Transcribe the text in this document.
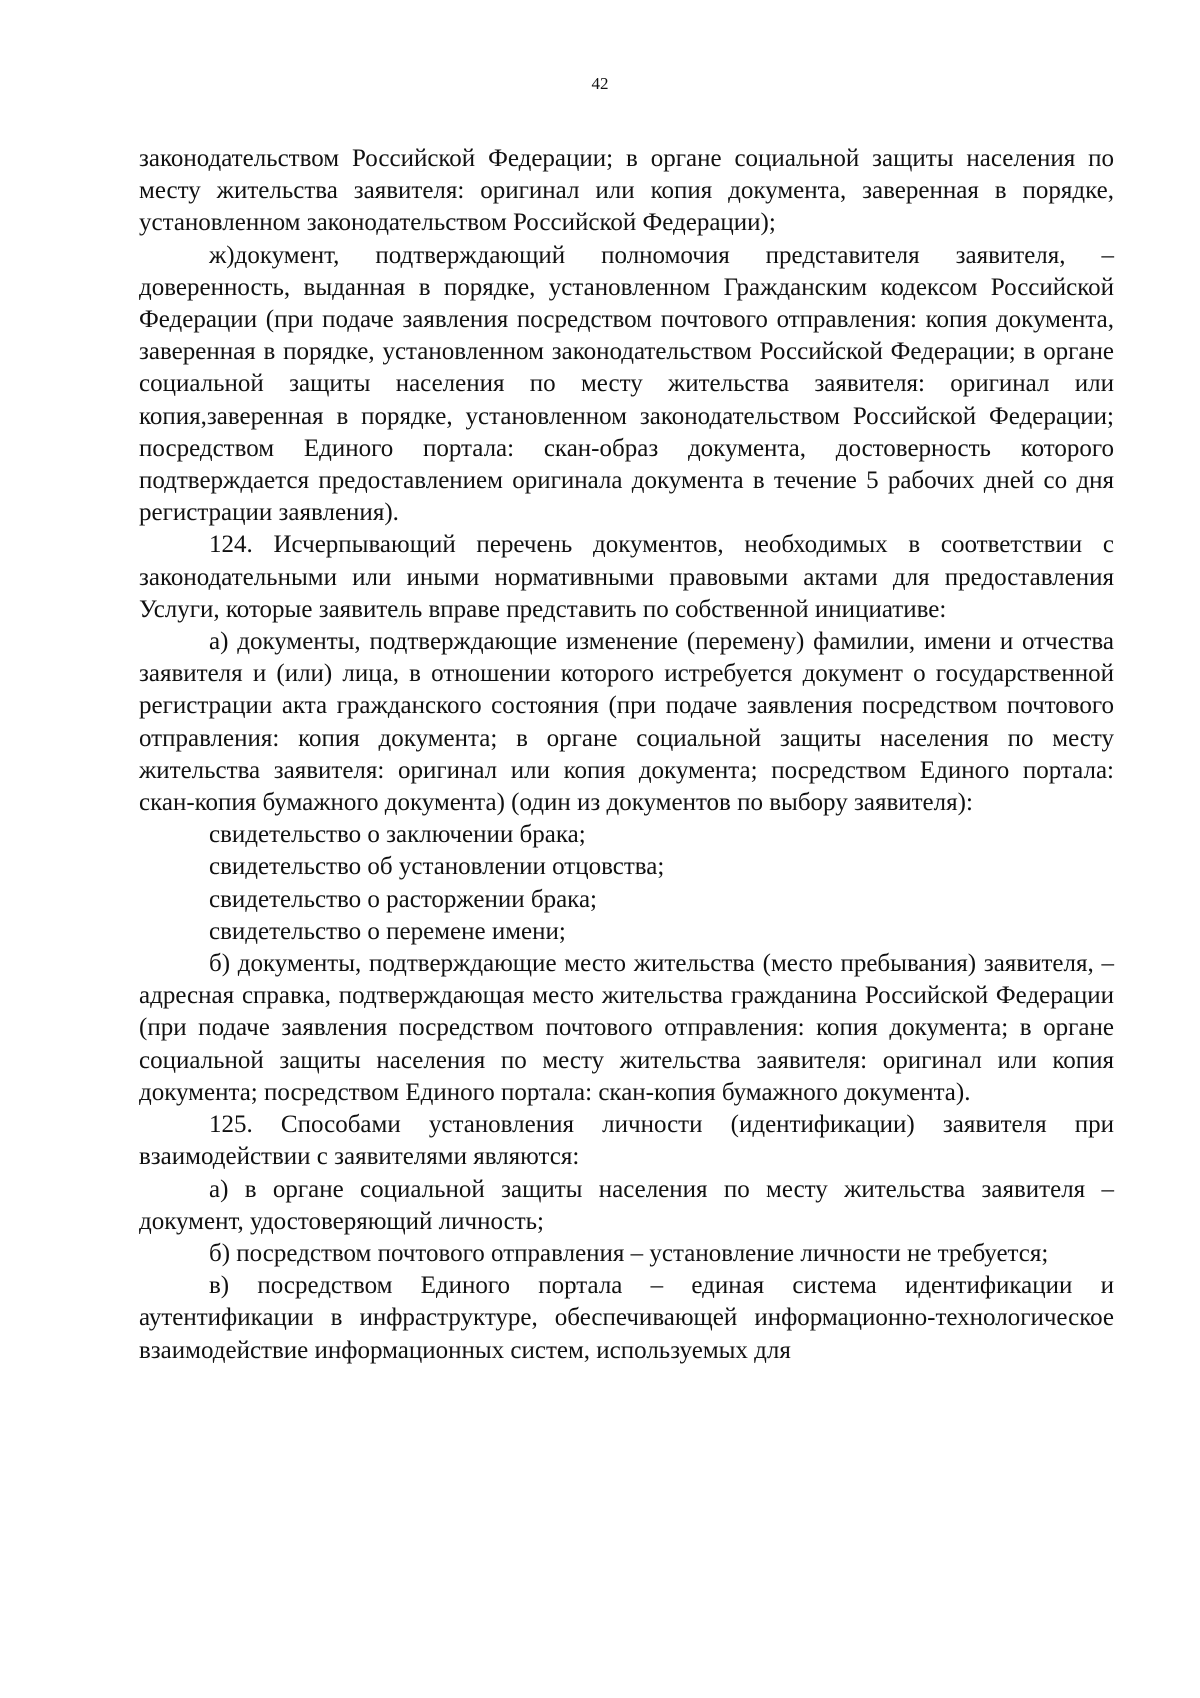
42

законодательством Российской Федерации; в органе социальной защиты населения по месту жительства заявителя: оригинал или копия документа, заверенная в порядке, установленном законодательством Российской Федерации);

ж)документ, подтверждающий полномочия представителя заявителя, – доверенность, выданная в порядке, установленном Гражданским кодексом Российской Федерации (при подаче заявления посредством почтового отправления: копия документа, заверенная в порядке, установленном законодательством Российской Федерации; в органе социальной защиты населения по месту жительства заявителя: оригинал или копия,заверенная в порядке, установленном законодательством Российской Федерации; посредством Единого портала: скан-образ документа, достоверность которого подтверждается предоставлением оригинала документа в течение 5 рабочих дней со дня регистрации заявления).

124. Исчерпывающий перечень документов, необходимых в соответствии с законодательными или иными нормативными правовыми актами для предоставления Услуги, которые заявитель вправе представить по собственной инициативе:

а) документы, подтверждающие изменение (перемену) фамилии, имени и отчества заявителя и (или) лица, в отношении которого истребуется документ о государственной регистрации акта гражданского состояния (при подаче заявления посредством почтового отправления: копия документа; в органе социальной защиты населения по месту жительства заявителя: оригинал или копия документа; посредством Единого портала: скан-копия бумажного документа) (один из документов по выбору заявителя):

свидетельство о заключении брака;

свидетельство об установлении отцовства;

свидетельство о расторжении брака;

свидетельство о перемене имени;

б) документы, подтверждающие место жительства (место пребывания) заявителя, – адресная справка, подтверждающая место жительства гражданина Российской Федерации (при подаче заявления посредством почтового отправления: копия документа; в органе социальной защиты населения по месту жительства заявителя: оригинал или копия документа; посредством Единого портала: скан-копия бумажного документа).

125. Способами установления личности (идентификации) заявителя при взаимодействии с заявителями являются:

а) в органе социальной защиты населения по месту жительства заявителя – документ, удостоверяющий личность;

б) посредством почтового отправления – установление личности не требуется;

в) посредством Единого портала – единая система идентификации и аутентификации в инфраструктуре, обеспечивающей информационно-технологическое взаимодействие информационных систем, используемых для
